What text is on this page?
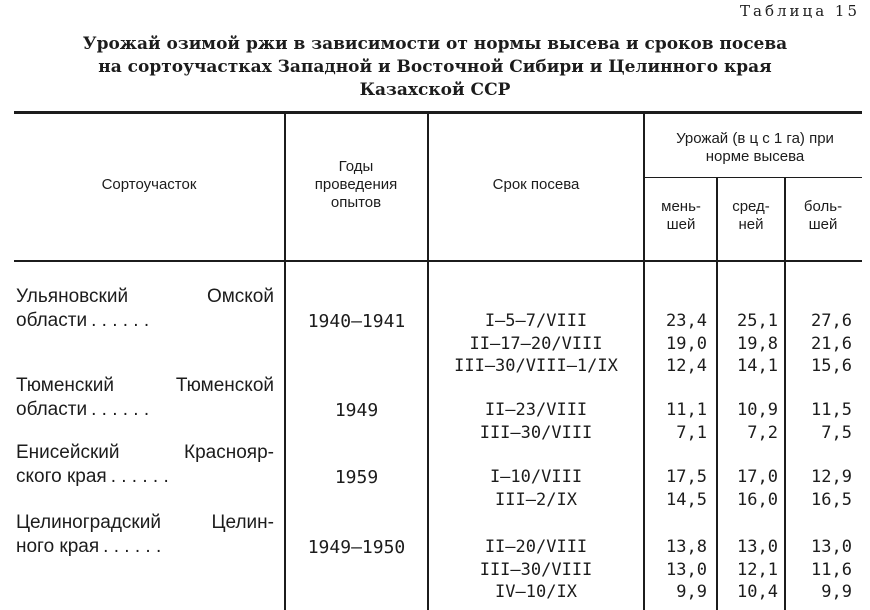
Таблица 15
Урожай озимой ржи в зависимости от нормы высева и сроков посева
на сортоучастках Западной и Восточной Сибири и Целинного края
Казахской ССР
Сортоучасток
Годы проведения опытов
Срок посева
Урожай (в ц с 1 га) при норме высева
мень-шей
сред-ней
боль-шей
Ульяновский Омской
области . . . . . .	1940—1941	I—5—7/VIII	23,4	25,1	27,6
II—17—20/VIII	19,0	19,8	21,6
III—30/VIII—1/IX	12,4	14,1	15,6
Тюменский Тюменской
области . . . . . .	1949	II—23/VIII	11,1	10,9	11,5
III—30/VIII	7,1	7,2	7,5
Енисейский Краснояр-
ского края . . . . . .	1959	I—10/VIII	17,5	17,0	12,9
III—2/IX	14,5	16,0	16,5
Целиноградский Целин-
ного края . . . . . .	1949—1950	II—20/VIII	13,8	13,0	13,0
III—30/VIII	13,0	12,1	11,6
IV—10/IX	9,9	10,4	9,9
